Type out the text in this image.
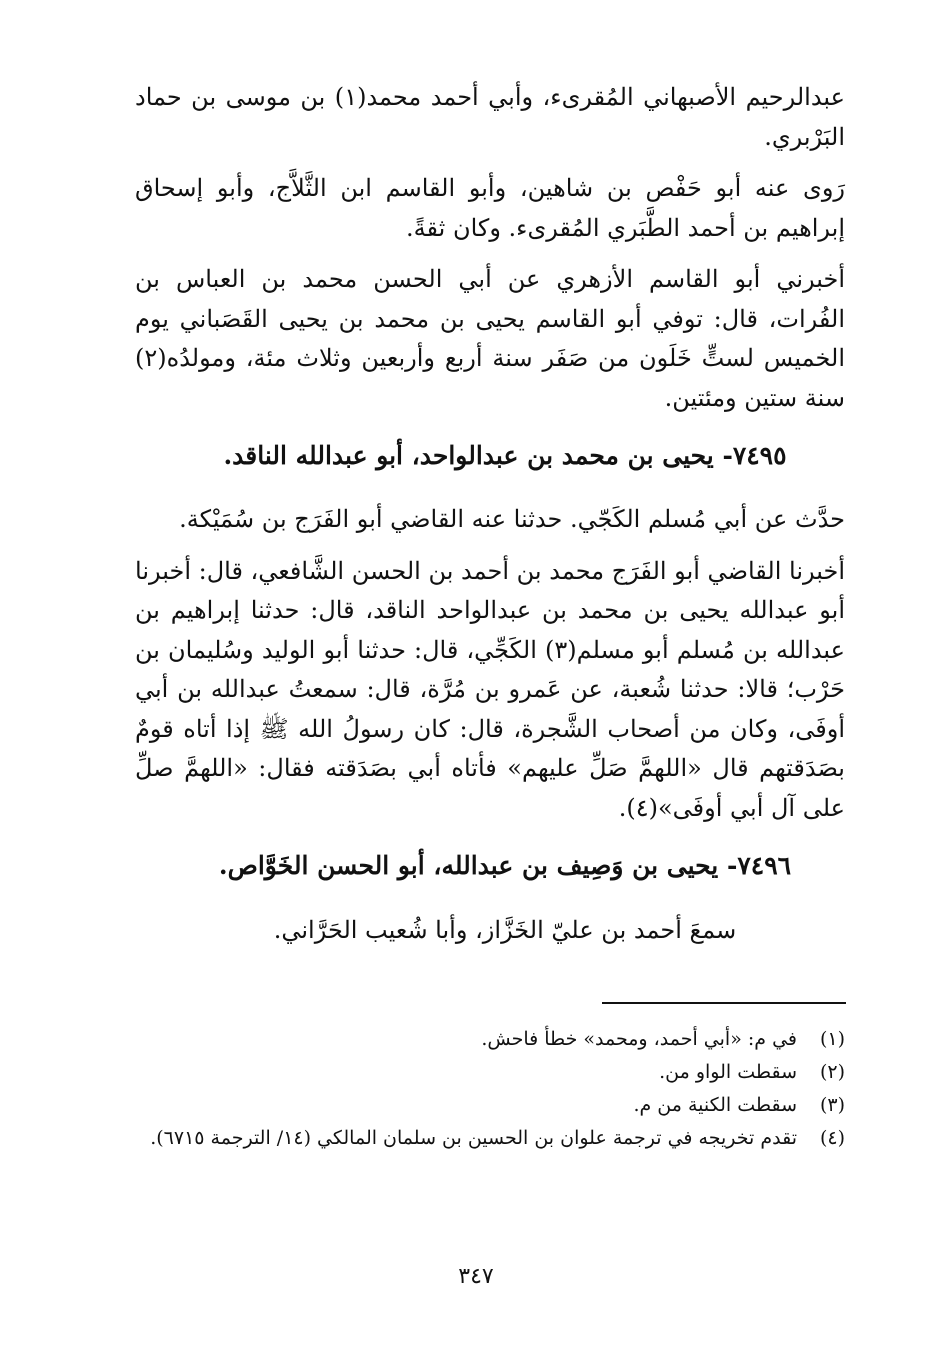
عبدالرحيم الأصبهاني المُقرىء، وأبي أحمد محمد(١) بن موسى بن حماد البَرْبري.

رَوى عنه أبو حَفْص بن شاهين، وأبو القاسم ابن الثَّلاَّج، وأبو إسحاق إبراهيم بن أحمد الطَّبَري المُقرىء. وكان ثقةً.

أخبرني أبو القاسم الأزهري عن أبي الحسن محمد بن العباس بن الفُرات، قال: توفي أبو القاسم يحيى بن محمد بن يحيى القَصَباني يوم الخميس لستٍّ خَلَون من صَفَر سنة أربع وأربعين وثلاث مئة، ومولدُه(٢) سنة ستين ومئتين.

٧٤٩٥- يحيى بن محمد بن عبدالواحد، أبو عبدالله الناقد.

حدَّث عن أبي مُسلم الكَجّي. حدثنا عنه القاضي أبو الفَرَج بن سُمَيْكة.

أخبرنا القاضي أبو الفَرَج محمد بن أحمد بن الحسن الشَّافعي، قال: أخبرنا أبو عبدالله يحيى بن محمد بن عبدالواحد الناقد، قال: حدثنا إبراهيم بن عبدالله بن مُسلم أبو مسلم(٣) الكَجِّي، قال: حدثنا أبو الوليد وسُليمان بن حَرْب؛ قالا: حدثنا شُعبة، عن عَمرو بن مُرَّة، قال: سمعتُ عبدالله بن أبي أوفَى، وكان من أصحاب الشَّجرة، قال: كان رسولُ الله ﷺ إذا أتاه قومٌ بصَدَقتهم قال «اللهمَّ صَلِّ عليهم» فأتاه أبي بصَدَقته فقال: «اللهمَّ صلِّ على آل أبي أوفَى»(٤).

٧٤٩٦- يحيى بن وَصِيف بن عبدالله، أبو الحسن الخَوَّاص.

سمعَ أحمد بن عليّ الخَزَّاز، وأبا شُعيب الحَرَّاني.

(١)
في م: «أبي أحمد، ومحمد» خطأ فاحش.
(٢)
سقطت الواو من.
(٣)
سقطت الكنية من م.
(٤)
تقدم تخريجه في ترجمة علوان بن الحسين بن سلمان المالكي (١٤/ الترجمة ٦٧١٥).
٣٤٧
